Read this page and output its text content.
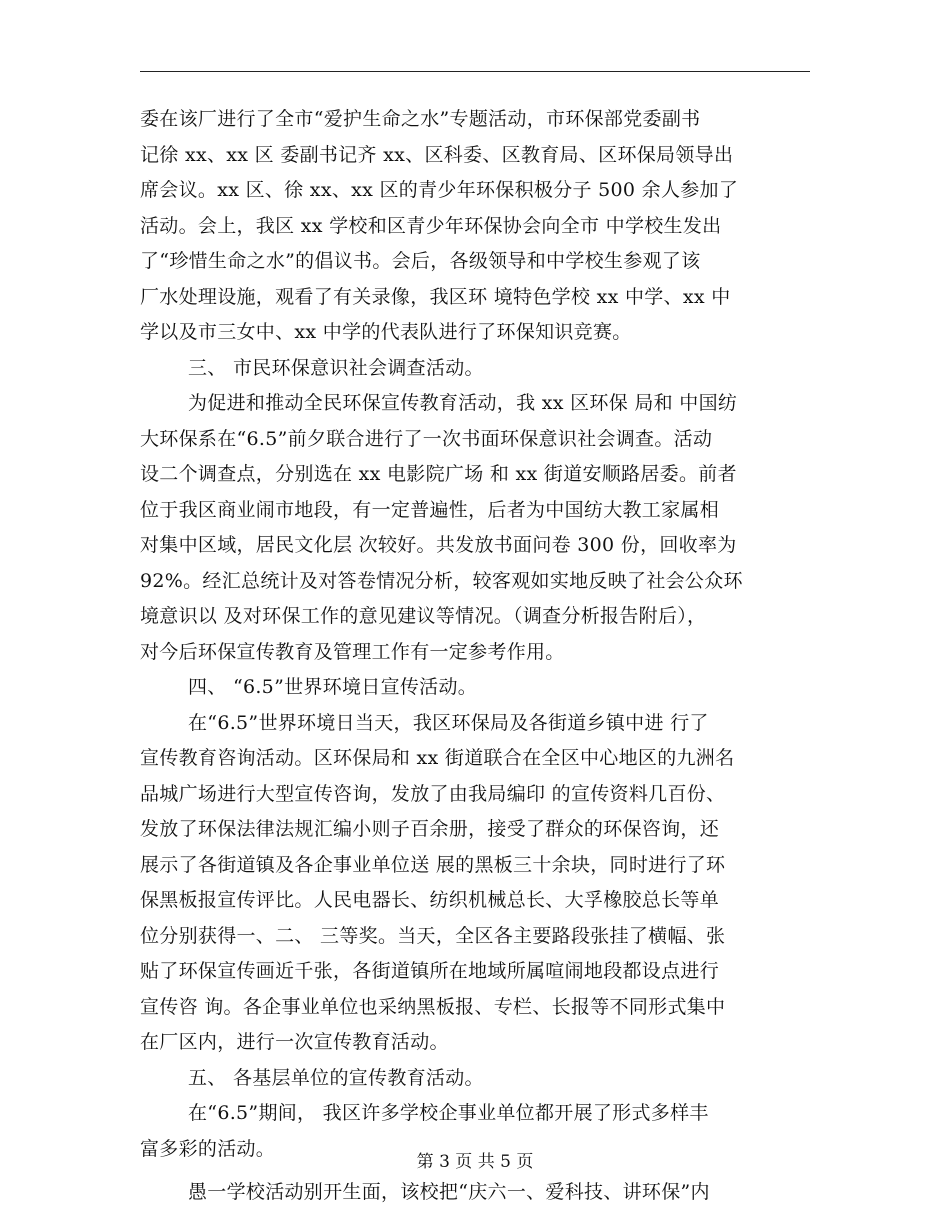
委在该厂进行了全市“爱护生命之水”专题活动，市环保部党委副书
记徐 xx、xx 区 委副书记齐 xx、区科委、区教育局、区环保局领导出
席会议。xx 区、徐 xx、xx 区的青少年环保积极分子 500 余人参加了
活动。会上，我区 xx 学校和区青少年环保协会向全市 中学校生发出
了“珍惜生命之水”的倡议书。会后，各级领导和中学校生参观了该
厂水处理设施，观看了有关录像，我区环 境特色学校 xx 中学、xx 中
学以及市三女中、xx 中学的代表队进行了环保知识竞赛。
三、 市民环保意识社会调查活动。
为促进和推动全民环保宣传教育活动，我 xx 区环保 局和 中国纺
大环保系在“6.5”前夕联合进行了一次书面环保意识社会调查。活动
设二个调查点，分别选在 xx 电影院广场 和 xx 街道安顺路居委。前者
位于我区商业闹市地段，有一定普遍性，后者为中国纺大教工家属相
对集中区域，居民文化层 次较好。共发放书面问卷 300 份，回收率为
92%。经汇总统计及对答卷情况分析，较客观如实地反映了社会公众环
境意识以 及对环保工作的意见建议等情况。（调查分析报告附后），
对今后环保宣传教育及管理工作有一定参考作用。
四、 “6.5”世界环境日宣传活动。
在“6.5”世界环境日当天，我区环保局及各街道乡镇中进 行了
宣传教育咨询活动。区环保局和 xx 街道联合在全区中心地区的九洲名
品城广场进行大型宣传咨询，发放了由我局编印 的宣传资料几百份、
发放了环保法律法规汇编小则子百余册，接受了群众的环保咨询，还
展示了各街道镇及各企事业单位送 展的黑板三十余块，同时进行了环
保黑板报宣传评比。人民电器长、纺织机械总长、大孚橡胶总长等单
位分别获得一、二、 三等奖。当天，全区各主要路段张挂了横幅、张
贴了环保宣传画近千张，各街道镇所在地域所属喧闹地段都设点进行
宣传咨 询。各企事业单位也采纳黑板报、专栏、长报等不同形式集中
在厂区内，进行一次宣传教育活动。
五、 各基层单位的宣传教育活动。
在“6.5”期间， 我区许多学校企事业单位都开展了形式多样丰
富多彩的活动。
愚一学校活动别开生面，该校把“庆六一、爱科技、讲环保”内
第 3 页 共 5 页
